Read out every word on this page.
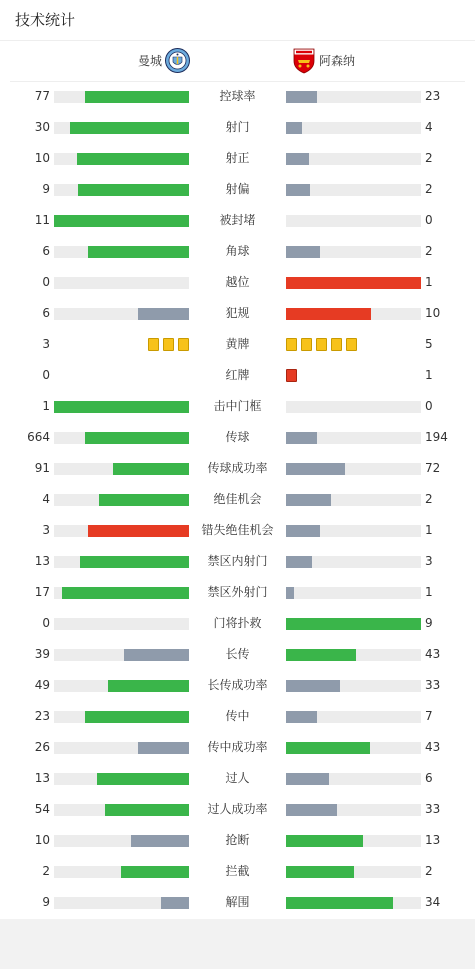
技术统计
曼城	阿森纳
77	控球率	23
30	射门	4
10	射正	2
9	射偏	2
11	被封堵	0
6	角球	2
0	越位	1
6	犯规	10
3	黄牌	5
0	红牌	1
1	击中门框	0
664	传球	194
91	传球成功率	72
4	绝佳机会	2
3	错失绝佳机会	1
13	禁区内射门	3
17	禁区外射门	1
0	门将扑救	9
39	长传	43
49	长传成功率	33
23	传中	7
26	传中成功率	43
13	过人	6
54	过人成功率	33
10	抢断	13
2	拦截	2
9	解围	34
